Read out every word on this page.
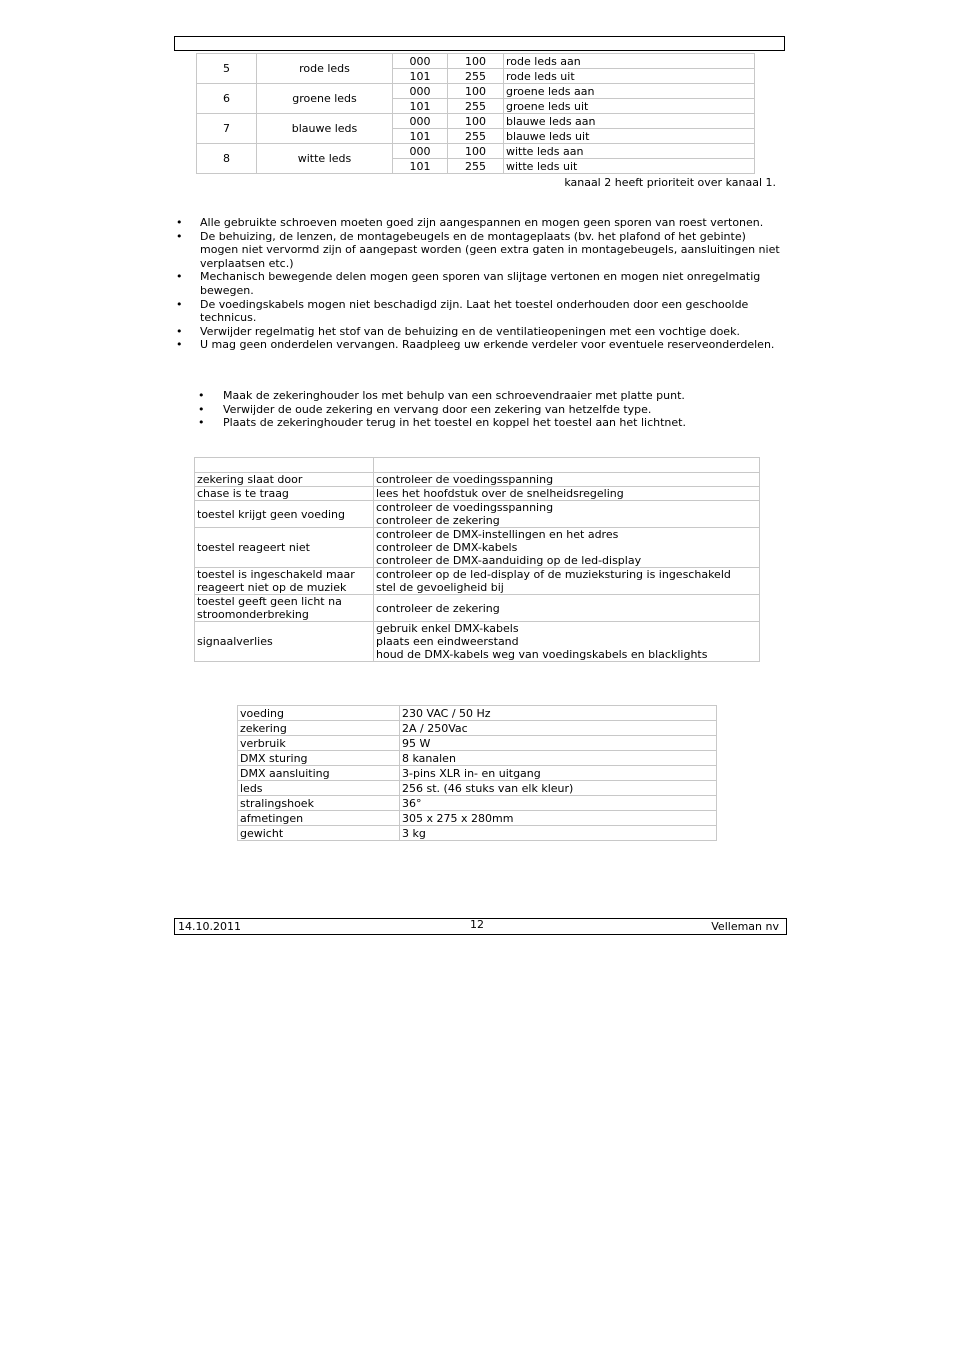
5	rode leds	000	100	rode leds aan
		101	255	rode leds uit
6	groene leds	000	100	groene leds aan
		101	255	groene leds uit
7	blauwe leds	000	100	blauwe leds aan
		101	255	blauwe leds uit
8	witte leds	000	100	witte leds aan
		101	255	witte leds uit
kanaal 2 heeft prioriteit over kanaal 1.
• Alle gebruikte schroeven moeten goed zijn aangespannen en mogen geen sporen van roest vertonen.
• De behuizing, de lenzen, de montagebeugels en de montageplaats (bv. het plafond of het gebinte) mogen niet vervormd zijn of aangepast worden (geen extra gaten in montagebeugels, aansluitingen niet verplaatsen etc.)
• Mechanisch bewegende delen mogen geen sporen van slijtage vertonen en mogen niet onregelmatig bewegen.
• De voedingskabels mogen niet beschadigd zijn. Laat het toestel onderhouden door een geschoolde technicus.
• Verwijder regelmatig het stof van de behuizing en de ventilatieopeningen met een vochtige doek.
• U mag geen onderdelen vervangen. Raadpleeg uw erkende verdeler voor eventuele reserveonderdelen.
• Maak de zekeringhouder los met behulp van een schroevendraaier met platte punt.
• Verwijder de oude zekering en vervang door een zekering van hetzelfde type.
• Plaats de zekeringhouder terug in het toestel en koppel het toestel aan het lichtnet.

zekering slaat door	controleer de voedingsspanning
chase is te traag	lees het hoofdstuk over de snelheidsregeling
toestel krijgt geen voeding	controleer de voedingsspanning
controleer de zekering
toestel reageert niet	controleer de DMX-instellingen en het adres
controleer de DMX-kabels
controleer de DMX-aanduiding op de led-display
toestel is ingeschakeld maar reageert niet op de muziek	controleer op de led-display of de muzieksturing is ingeschakeld
stel de gevoeligheid bij
toestel geeft geen licht na stroomonderbreking	controleer de zekering
signaalverlies	gebruik enkel DMX-kabels
plaats een eindweerstand
houd de DMX-kabels weg van voedingskabels en blacklights
voeding	230 VAC / 50 Hz
zekering	2A / 250Vac
verbruik	95 W
DMX sturing	8 kanalen
DMX aansluiting	3-pins XLR in- en uitgang
leds	256 st. (46 stuks van elk kleur)
stralingshoek	36°
afmetingen	305 x 275 x 280mm
gewicht	3 kg
14.10.2011	12	Velleman nv
